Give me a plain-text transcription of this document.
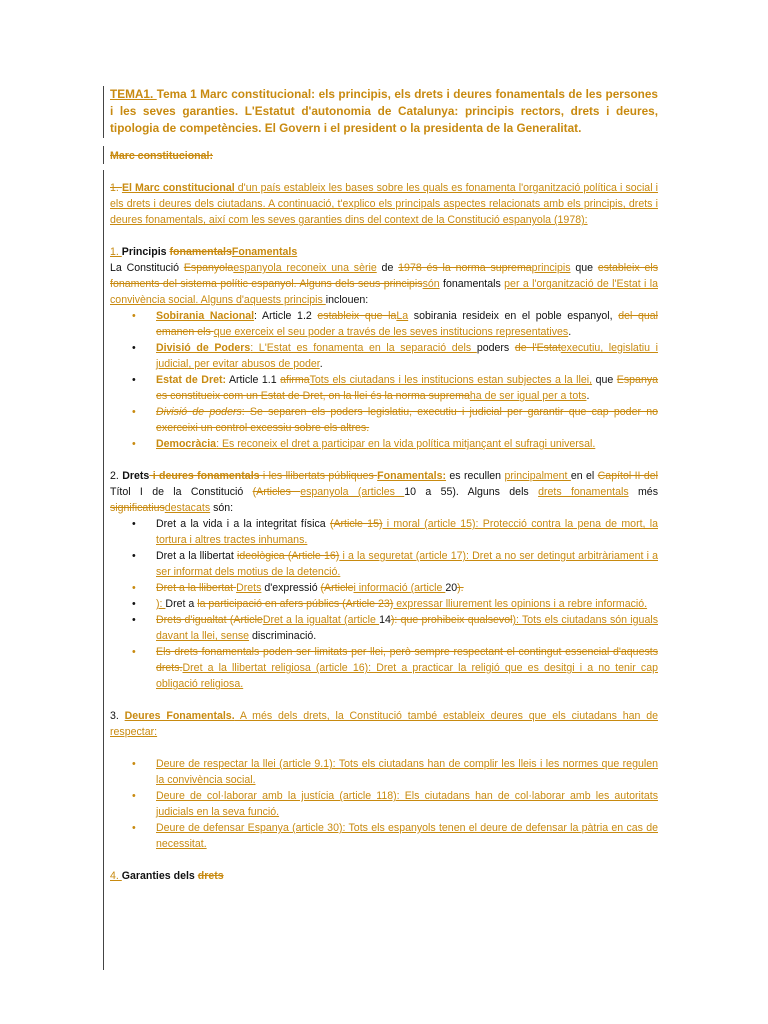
TEMA1. Tema 1 Marc constitucional: els principis, els drets i deures fonamentals de les persones i les seves garanties. L'Estatut d'autonomia de Catalunya: principis rectors, drets i deures, tipologia de competències. El Govern i el president o la presidenta de la Generalitat.

Marc constitucional:

1. El Marc constitucional d'un país estableix les bases sobre les quals es fonamenta l'organització política i social i els drets i deures dels ciutadans. A continuació, t'explico els principals aspectes relacionats amb els principis, drets i deures fonamentals, així com les seves garanties dins del context de la Constitució espanyola (1978):

1. Principis fonamentalsFonamentals

La Constitució Espanyolaespanyola reconeix una sèrie de 1978 és la norma supremaprincipis que estableix els fonaments del sistema polític espanyol. Alguns dels seus principissón fonamentals per a l'organització de l'Estat i la convivència social. Alguns d'aquests principis inclouen:

• Sobirania Nacional: Article 1.2 estableix que laLa sobirania resideix en el poble espanyol, del qual emanen els que exerceix el seu poder a través de les seves institucions representatives.
• Divisió de Poders: L'Estat es fonamenta en la separació dels poders de l'Estatexecutiu, legislatiu i judicial, per evitar abusos de poder.
• Estat de Dret: Article 1.1 afirmaTots els ciutadans i les institucions estan subjectes a la llei, que Espanya es constitueix com un Estat de Dret, on la llei és la norma supremaha de ser igual per a tots.
• Divisió de poders: Se separen els poders legislatiu, executiu i judicial per garantir que cap poder no exerceixi un control excessiu sobre els altres.
• Democràcia: Es reconeix el dret a participar en la vida política mitjançant el sufragi universal.

2. Drets i deures fonamentals i les llibertats públiques Fonamentals: es recullen principalment en el Capítol II del Títol I de la Constitució (Articles espanyola (articles 10 a 55). Alguns dels drets fonamentals més significatiusdestacats són:

• Dret a la vida i a la integritat física (Article 15) i moral (article 15): Protecció contra la pena de mort, la tortura i altres tractes inhumans.
• Dret a la llibertat ideològica (Article 16) i a la seguretat (article 17): Dret a no ser detingut arbitràriament i a ser informat dels motius de la detenció.
• Dret a la llibertat Drets d'expressió (Articlei informació (article 20).
• ): Dret a la participació en afers públics (Article 23) expressar lliurement les opinions i a rebre informació.
• Drets d'igualtat (ArticleDret a la igualtat (article 14): que prohibeix qualsevol): Tots els ciutadans són iguals davant la llei, sense discriminació.
• Els drets fonamentals poden ser limitats per llei, però sempre respectant el contingut essencial d'aquests drets.Dret a la llibertat religiosa (article 16): Dret a practicar la religió que es desitgi i a no tenir cap obligació religiosa.

3. Deures Fonamentals. A més dels drets, la Constitució també estableix deures que els ciutadans han de respectar:

• Deure de respectar la llei (article 9.1): Tots els ciutadans han de complir les lleis i les normes que regulen la convivència social.
• Deure de col·laborar amb la justícia (article 118): Els ciutadans han de col·laborar amb les autoritats judicials en la seva funció.
• Deure de defensar Espanya (article 30): Tots els espanyols tenen el deure de defensar la pàtria en cas de necessitat.

4. Garanties dels drets
